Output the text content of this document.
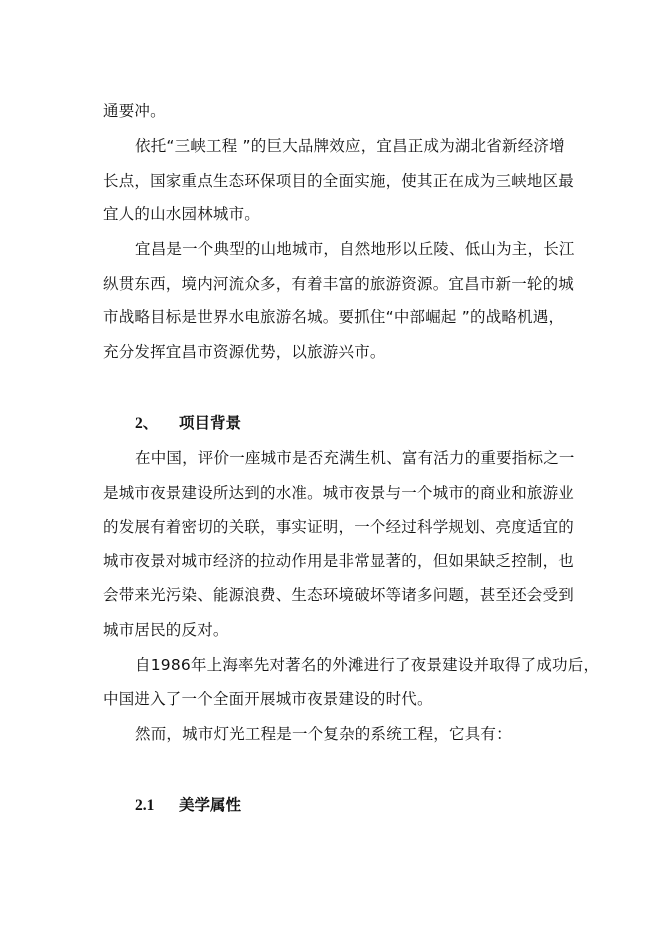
通要冲。
依托“三峡工程 ”的巨大品牌效应，宜昌正成为湖北省新经济增
长点，国家重点生态环保项目的全面实施，使其正在成为三峡地区最
宜人的山水园林城市。
宜昌是一个典型的山地城市，自然地形以丘陵、低山为主，长江
纵贯东西，境内河流众多，有着丰富的旅游资源。宜昌市新一轮的城
市战略目标是世界水电旅游名城。要抓住“中部崛起 ”的战略机遇，
充分发挥宜昌市资源优势，以旅游兴市。
2、 项目背景
在中国，评价一座城市是否充满生机、富有活力的重要指标之一
是城市夜景建设所达到的水准。城市夜景与一个城市的商业和旅游业
的发展有着密切的关联，事实证明，一个经过科学规划、亮度适宜的
城市夜景对城市经济的拉动作用是非常显著的，但如果缺乏控制，也
会带来光污染、能源浪费、生态环境破坏等诸多问题，甚至还会受到
城市居民的反对。
自1986年上海率先对著名的外滩进行了夜景建设并取得了成功后，
中国进入了一个全面开展城市夜景建设的时代。
然而，城市灯光工程是一个复杂的系统工程，它具有：
2.1 美学属性
